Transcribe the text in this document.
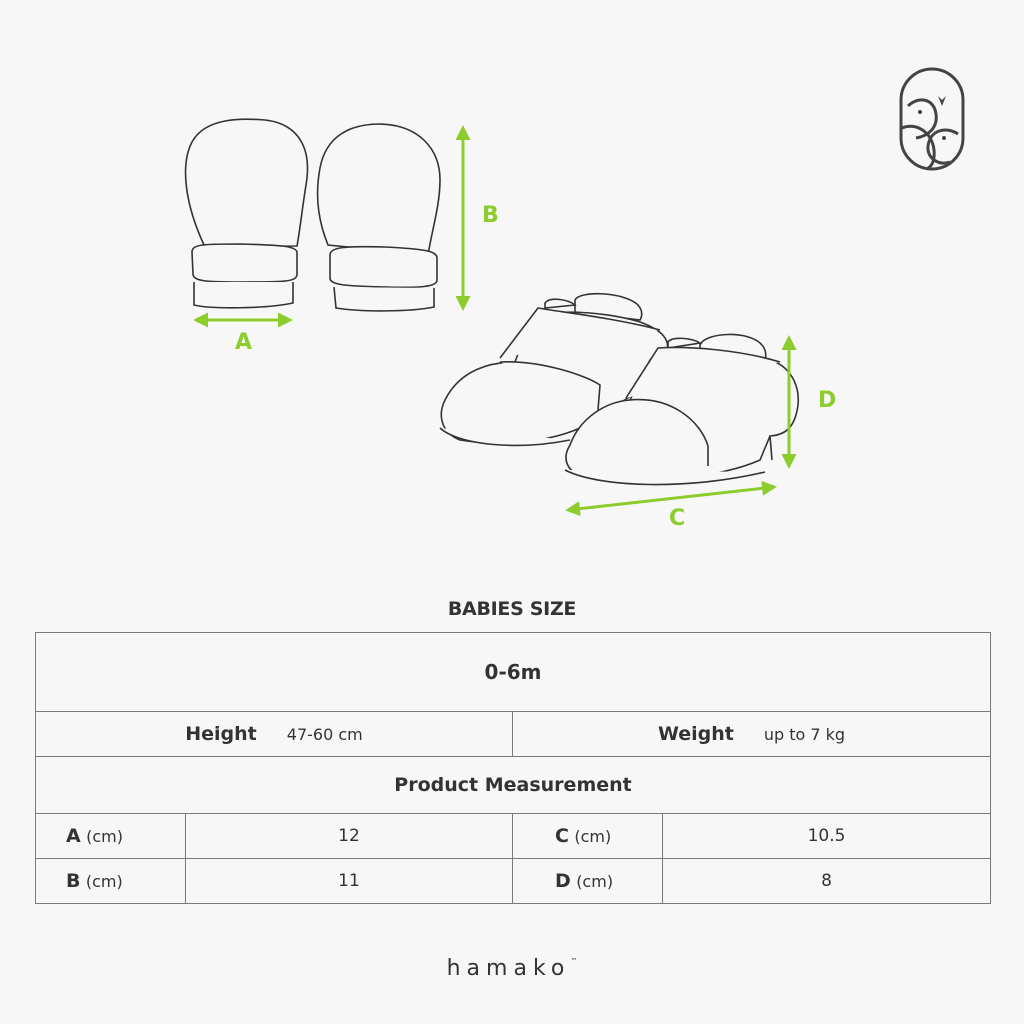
A
B
C
D
BABIES SIZE
0-6m			
Height 47-60 cm		Weight up to 7 kg	
Product Measurement			
A (cm)	12	C (cm)	10.5
B (cm)	11	D (cm)	8
hamako™
